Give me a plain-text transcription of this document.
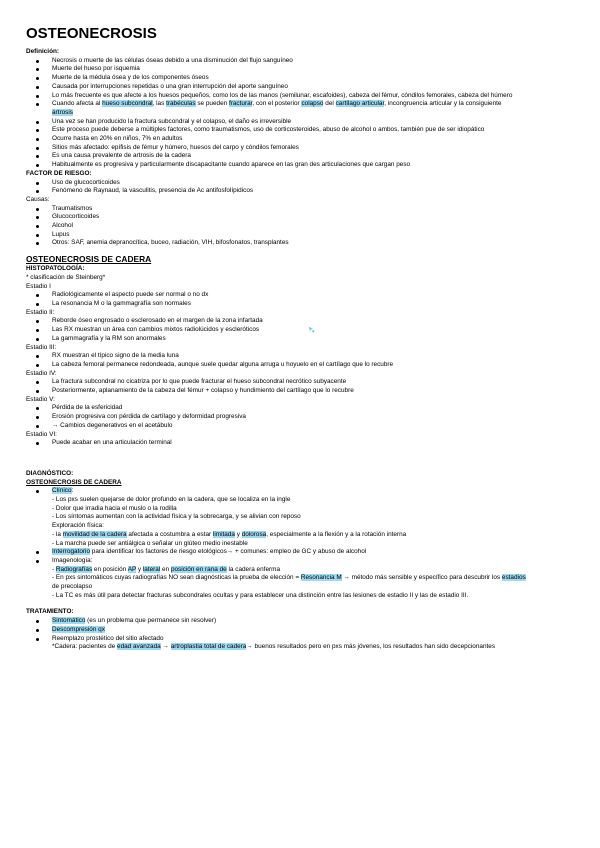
OSTEONECROSIS
Definición:
Necrosis o muerte de las células óseas debido a una disminución del flujo sanguíneo
Muerte del hueso por isquemia
Muerte de la médula ósea y de los componentes óseos
Causada por interrupciones repetidas o una gran interrupción del aporte sanguíneo
Lo más frecuente es que afecte a los huesos pequeños, como los de las manos (semilunar, escafoides), cabeza del fémur, cóndilos femorales, cabeza del húmero
Cuando afecta al hueso subcondral, las trabéculas se pueden fracturar, con el posterior colapso del cartílago articular, incongruencia articular y la consiguiente
artrosis
Una vez se han producido la fractura subcondral y el colapso, el daño es irreversible
Este proceso puede deberse a múltiples factores, como traumatismos, uso de corticosteroides, abuso de alcohol o ambos, también pue de ser idiopático
Ocurre hasta en 20% en niños, 7% en adultos
Sitios más afectado: epífisis de fémur y húmero, huesos del carpo y cóndilos femorales
Es una causa prevalente de artrosis de la cadera
Habitualmente es progresiva y particularmente discapacitante cuando aparece en las gran des articulaciones que cargan peso
FACTOR DE RIESGO:
Uso de glucocorticoides
Fenómeno de Raynaud, la vasculitis, presencia de Ac antifosfolípidicos
Causas:
Traumatismos
Glucocorticoides
Alcohol
Lupus
Otros: SAF, anemia depranocítica, buceo, radiación, VIH, bifosfonatos, transplantes
OSTEONECROSIS DE CADERA
HISTOPATOLOGÍA:
* clasificación de Steinberg*
Estadio I
Radiológicamente el aspecto puede ser normal o no dx
La resonancia M o la gammagrafía son normales
Estadio II:
Reborde óseo engrosado o esclerosado en el margen de la zona infartada
Las RX muestran un área con cambios mixtos radiolúcidos y escleróticos
La gammagrafía y la RM son anormales
Estadio III:
RX muestran el típico signo de la media luna
La cabeza femoral permanece redondeada, aunque suele quedar alguna arruga u hoyuelo en el cartílago que lo recubre
Estadio IV:
La fractura subcondral no cicatriza por lo que puede fracturar el hueso subcondral necrótico subyacente
Posteriormente, aplanamiento de la cabeza del fémur + colapso y hundimiento del cartílago que lo recubre
Estadio V:
Pérdida de la esfericidad
Erosión progresiva con pérdida de cartílago y deformidad progresiva
→ Cambios degenerativos en el acetábulo
Estadio VI:
Puede acabar en una articulación terminal
DIAGNÓSTICO:
OSTEONECROSIS DE CADERA
Clínico:
- Los pxs suelen quejarse de dolor profundo en la cadera, que se localiza en la ingle
- Dolor que irradia hacia el muslo o la rodilla
- Los síntomas aumentan con la actividad física y la sobrecarga, y se alivian con reposo
Exploración física:
- la movilidad de la cadera afectada a costumbra a estar limitada y dolorosa, especialmente a la flexión y a la rotación interna
- La marcha puede ser antiálgica o señalar un glúteo medio inestable
Interrogatorio para identificar los factores de riesgo etológicos→ + comunes: empleo de GC y abuso de alcohol
Imagenología:
- Radiografías en posición AP y lateral en posición en rana de la cadera enferma
- En pxs sintomáticos cuyas radiografías NO sean diagnósticas la prueba de elección = Resonancia M → método más sensible y específico para descubrir los estadios
de precolapso
- La TC es más útil para detectar fracturas subcondrales ocultas y para establecer una distinción entre las lesiones de estadio II y las de estadio III.
TRATAMIENTO:
Sintomático (es un problema que permanece sin resolver)
Descompresión qx
Reemplazo prostético del sitio afectado
*Cadera: pacientes de edad avanzada → artroplastia total de cadera→ buenos resultados pero en pxs más jóvenes, los resultados han sido decepcionantes
